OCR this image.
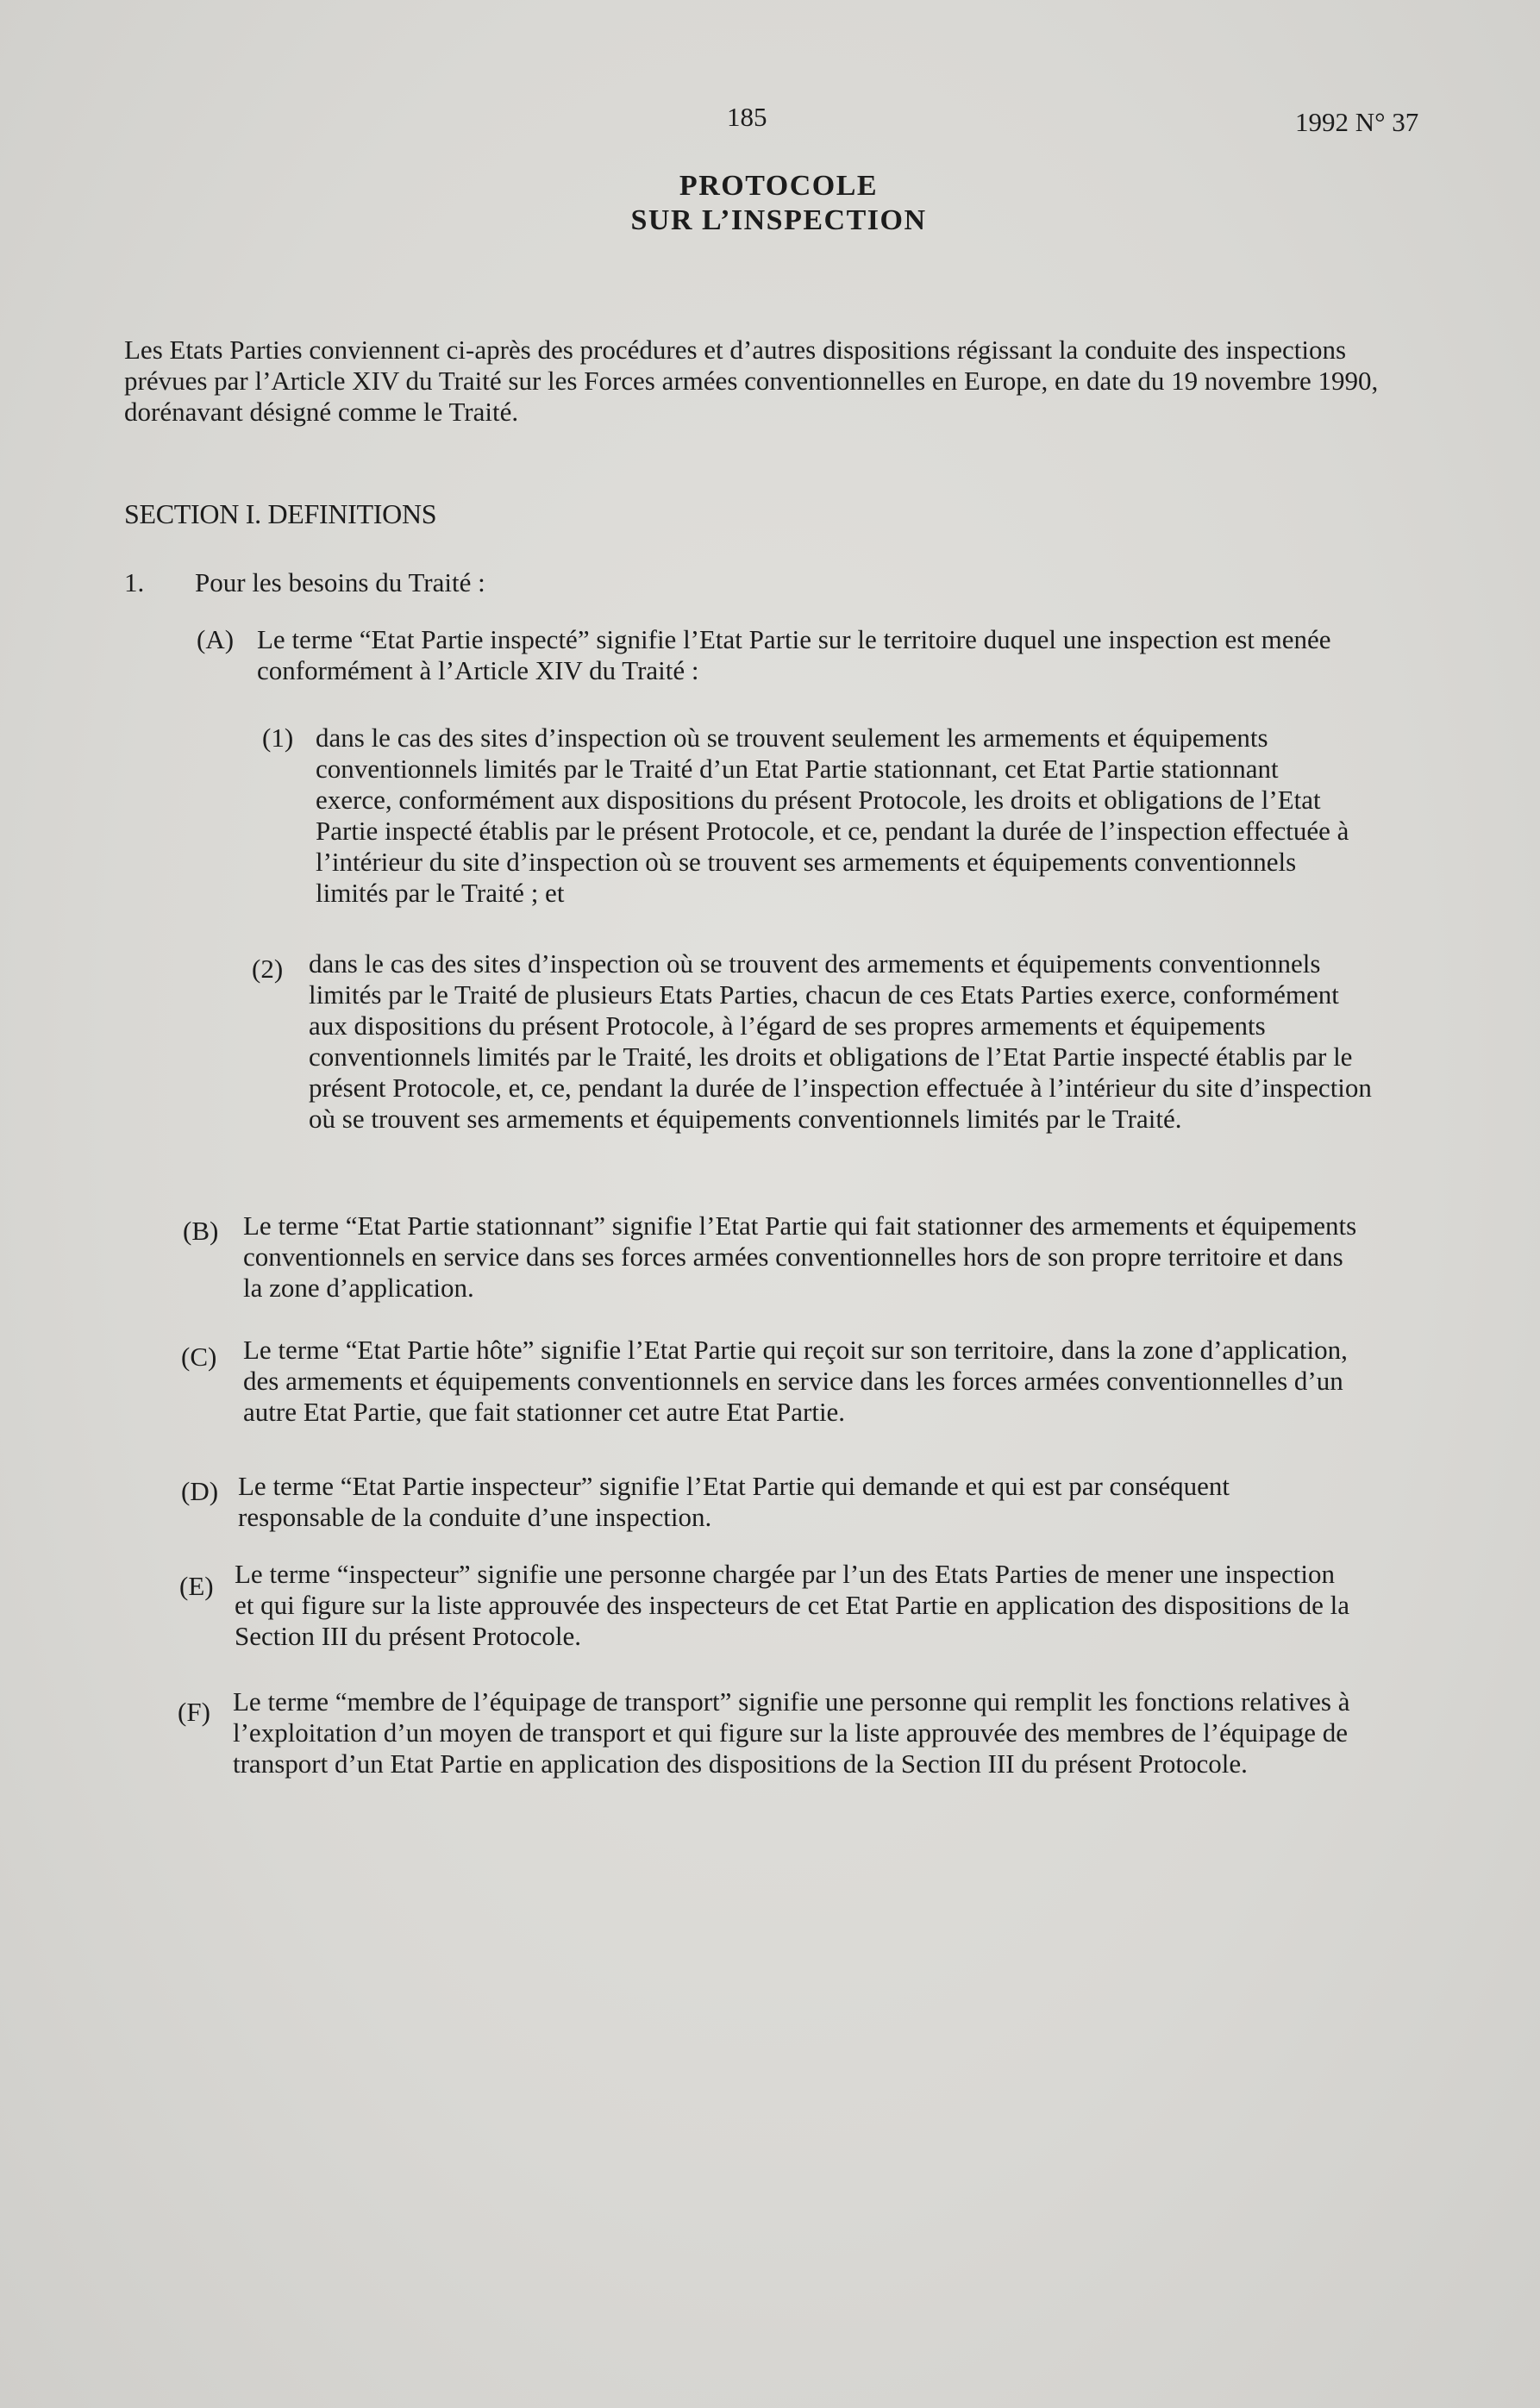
185	1992 N° 37
PROTOCOLE
SUR L’INSPECTION

Les Etats Parties conviennent ci-après des procédures et d’autres dispositions régissant la conduite des inspections prévues par l’Article XIV du Traité sur les Forces armées conventionnelles en Europe, en date du 19 novembre 1990, dorénavant désigné comme le Traité.

SECTION I. DEFINITIONS
1. Pour les besoins du Traité :
(A) Le terme “Etat Partie inspecté” signifie l’Etat Partie sur le territoire duquel une inspection est menée conformément à l’Article XIV du Traité :

(1) dans le cas des sites d’inspection où se trouvent seulement les armements et équipements conventionnels limités par le Traité d’un Etat Partie stationnant, cet Etat Partie stationnant exerce, conformément aux dispositions du présent Protocole, les droits et obligations de l’Etat Partie inspecté établis par le présent Protocole, et ce, pendant la durée de l’inspection effectuée à l’intérieur du site d’inspection où se trouvent ses armements et équipements conventionnels limités par le Traité ; et

(2) dans le cas des sites d’inspection où se trouvent des armements et équipements conventionnels limités par le Traité de plusieurs Etats Parties, chacun de ces Etats Parties exerce, conformément aux dispositions du présent Protocole, à l’égard de ses propres armements et équipements conventionnels limités par le Traité, les droits et obligations de l’Etat Partie inspecté établis par le présent Protocole, et, ce, pendant la durée de l’inspection effectuée à l’intérieur du site d’inspection où se trouvent ses armements et équipements conventionnels limités par le Traité.

(B) Le terme “Etat Partie stationnant” signifie l’Etat Partie qui fait stationner des armements et équipements conventionnels en service dans ses forces armées conventionnelles hors de son propre territoire et dans la zone d’application.

(C) Le terme “Etat Partie hôte” signifie l’Etat Partie qui reçoit sur son territoire, dans la zone d’application, des armements et équipements conventionnels en service dans les forces armées conventionnelles d’un autre Etat Partie, que fait stationner cet autre Etat Partie.

(D) Le terme “Etat Partie inspecteur” signifie l’Etat Partie qui demande et qui est par conséquent responsable de la conduite d’une inspection.

(E) Le terme “inspecteur” signifie une personne chargée par l’un des Etats Parties de mener une inspection et qui figure sur la liste approuvée des inspecteurs de cet Etat Partie en application des dispositions de la Section III du présent Protocole.

(F) Le terme “membre de l’équipage de transport” signifie une personne qui remplit les fonctions relatives à l’exploitation d’un moyen de transport et qui figure sur la liste approuvée des membres de l’équipage de transport d’un Etat Partie en application des dispositions de la Section III du présent Protocole.
